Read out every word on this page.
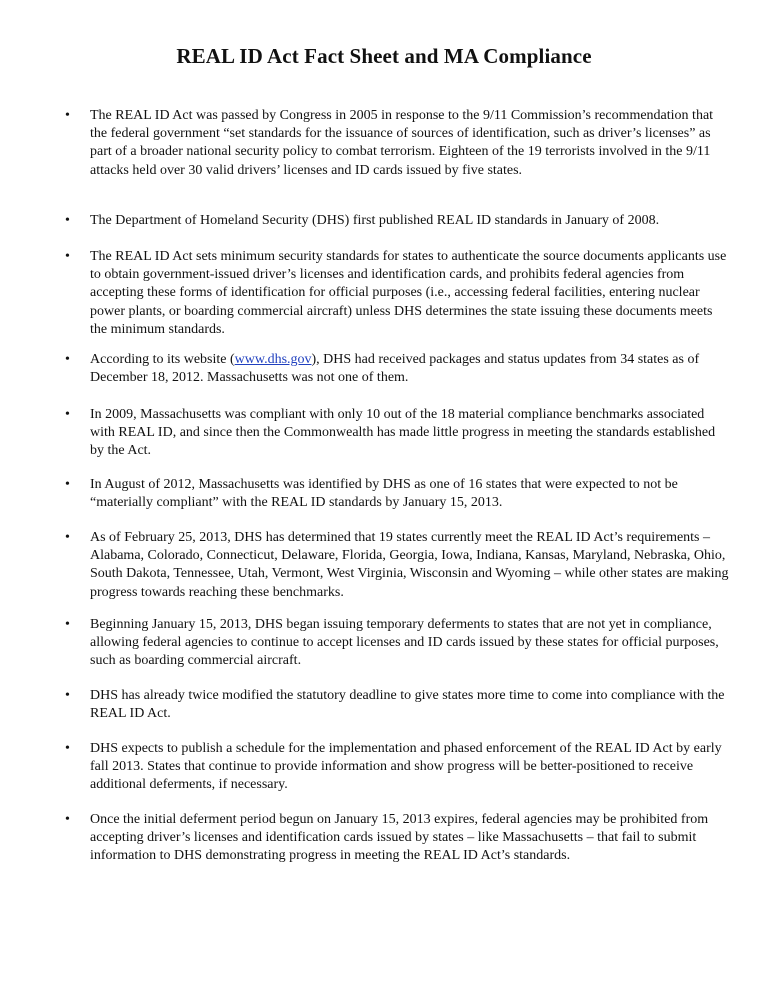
REAL ID Act Fact Sheet and MA Compliance
• The REAL ID Act was passed by Congress in 2005 in response to the 9/11 Commission’s recommendation that the federal government “set standards for the issuance of sources of identification, such as driver’s licenses” as part of a broader national security policy to combat terrorism. Eighteen of the 19 terrorists involved in the 9/11 attacks held over 30 valid drivers’ licenses and ID cards issued by five states.

• The Department of Homeland Security (DHS) first published REAL ID standards in January of 2008.

• The REAL ID Act sets minimum security standards for states to authenticate the source documents applicants use to obtain government-issued driver’s licenses and identification cards, and prohibits federal agencies from accepting these forms of identification for official purposes (i.e., accessing federal facilities, entering nuclear power plants, or boarding commercial aircraft) unless DHS determines the state issuing these documents meets the minimum standards.

• According to its website (www.dhs.gov), DHS had received packages and status updates from 34 states as of December 18, 2012. Massachusetts was not one of them.

• In 2009, Massachusetts was compliant with only 10 out of the 18 material compliance benchmarks associated with REAL ID, and since then the Commonwealth has made little progress in meeting the standards established by the Act.

• In August of 2012, Massachusetts was identified by DHS as one of 16 states that were expected to not be “materially compliant” with the REAL ID standards by January 15, 2013.

• As of February 25, 2013, DHS has determined that 19 states currently meet the REAL ID Act’s requirements – Alabama, Colorado, Connecticut, Delaware, Florida, Georgia, Iowa, Indiana, Kansas, Maryland, Nebraska, Ohio, South Dakota, Tennessee, Utah, Vermont, West Virginia, Wisconsin and Wyoming – while other states are making progress towards reaching these benchmarks.

• Beginning January 15, 2013, DHS began issuing temporary deferments to states that are not yet in compliance, allowing federal agencies to continue to accept licenses and ID cards issued by these states for official purposes, such as boarding commercial aircraft.

• DHS has already twice modified the statutory deadline to give states more time to come into compliance with the REAL ID Act.

• DHS expects to publish a schedule for the implementation and phased enforcement of the REAL ID Act by early fall 2013. States that continue to provide information and show progress will be better-positioned to receive additional deferments, if necessary.

• Once the initial deferment period begun on January 15, 2013 expires, federal agencies may be prohibited from accepting driver’s licenses and identification cards issued by states – like Massachusetts – that fail to submit information to DHS demonstrating progress in meeting the REAL ID Act’s standards.
